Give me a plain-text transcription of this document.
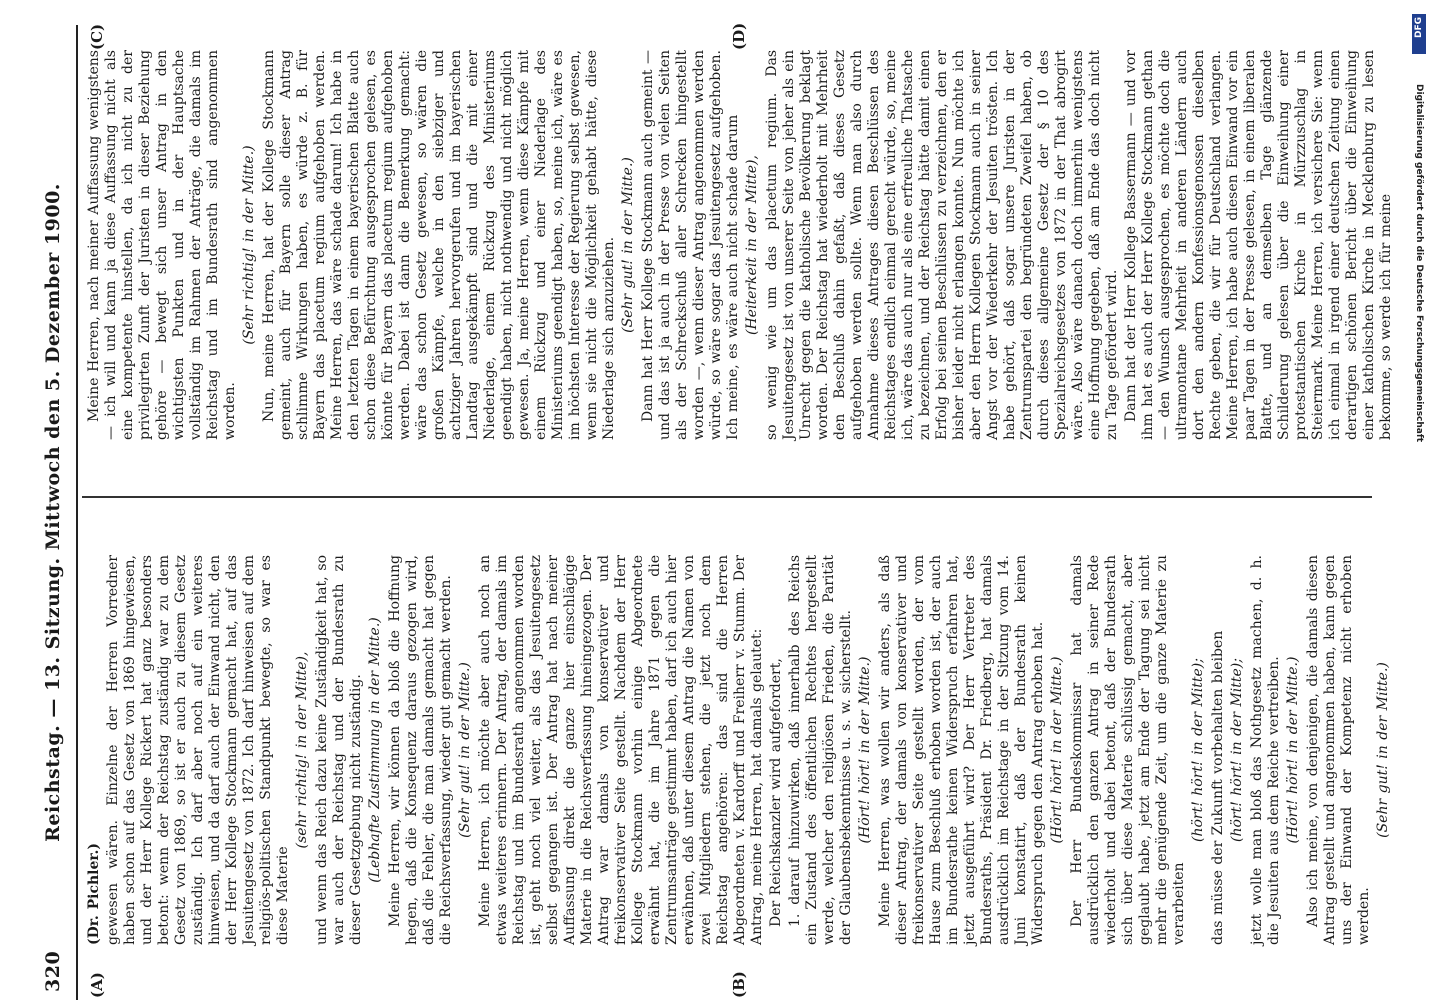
320
Reichstag. — 13. Sitzung. Mittwoch den 5. Dezember 1900.
(A)	(B)
(C)	(D)

(Dr. Pichler.) gewesen wären. Einzelne der Herren Vorredner haben schon auf das Gesetz von 1869 hingewiesen, und der Herr Kollege Rickert hat ganz besonders betont: wenn der Reichstag zuständig war zu dem Gesetz von 1869, so ist er auch zu diesem Gesetz zuständig. Ich darf aber noch auf ein weiteres hinweisen, und da darf auch der Einwand nicht, den der Herr Kollege Stockmann gemacht hat, auf das Jesuitengesetz von 1872. Ich darf hinweisen auf dem religiös-politischen Standpunkt bewegte, so war es diese Materie

(sehr richtig! in der Mitte), und wenn das Reich dazu keine Zuständigkeit hat, so war auch der Reichstag und der Bundesrath zu dieser Gesetzgebung nicht zuständig. (Lebhafte Zustimmung in der Mitte.) Meine Herren, wir können da bloß die Hoffnung hegen, daß die Konsequenz daraus gezogen wird, daß die Fehler, die man damals gemacht hat gegen die Reichsverfassung, wieder gut gemacht werden. (Sehr gut! in der Mitte.) Meine Herren, ich möchte aber auch noch an etwas weiteres erinnern. Der Antrag, der damals im Reichstag und im Bundesrath angenommen worden ist, geht noch viel weiter, als das Jesuitengesetz selbst gegangen ist. Der Antrag hat nach meiner Auffassung direkt die ganze hier einschlägige Materie in die Reichsverfassung hineingezogen. Der Antrag war damals von konservativer und freikonservativer Seite gestellt. Nachdem der Herr Kollege Stockmann vorhin einige Abgeordnete erwähnt hat, die im Jahre 1871 gegen die Zentrumsanträge gestimmt haben, darf ich auch hier erwähnen, daß unter diesem Antrag die Namen von zwei Mitgliedern stehen, die jetzt noch dem Reichstag angehören: das sind die Herren Abgeordneten v. Kardorff und Freiherr v. Stumm. Der Antrag, meine Herren, hat damals gelautet: Der Reichskanzler wird aufgefordert, 1. darauf hinzuwirken, daß innerhalb des Reichs ein Zustand des öffentlichen Rechtes hergestellt werde, welcher den religiösen Frieden, die Parität der Glaubensbekenntnisse u. s. w. sicherstellt. (Hört! hört! in der Mitte.) Meine Herren, was wollen wir anders, als daß dieser Antrag, der damals von konservativer und freikonservativer Seite gestellt worden, der vom Hause zum Beschluß erhoben worden ist, der auch im Bundesrathe keinen Widerspruch erfahren hat, jetzt ausgeführt wird? Der Herr Vertreter des Bundesraths, Präsident Dr. Friedberg, hat damals ausdrücklich im Reichstage in der Sitzung vom 14. Juni konstatirt, daß der Bundesrath keinen Widerspruch gegen den Antrag erhoben hat. (Hört! hört! in der Mitte.) Der Herr Bundeskommissar hat damals ausdrücklich den ganzen Antrag in seiner Rede wiederholt und dabei betont, daß der Bundesrath sich über diese Materie schlüssig gemacht, aber geglaubt habe, jetzt am Ende der Tagung sei nicht mehr die genügende Zeit, um die ganze Materie zu verarbeiten

(hört! hört! in der Mitte); das müsse der Zukunft vorbehalten bleiben (hört! hört! in der Mitte); jetzt wolle man bloß das Nothgesetz machen, d. h. die Jesuiten aus dem Reiche vertreiben. (Hört! hört! in der Mitte.) Also ich meine, von denjenigen, die damals diesen Antrag gestellt und angenommen haben, kann gegen uns der Einwand der Kompetenz nicht erhoben werden.

(Sehr gut! in der Mitte.)

Meine Herren, nach meiner Auffassung wenigstens — ich will und kann ja diese Auffassung nicht als eine kompetente hinstellen, da ich nicht zu der privilegirten Zunft der Juristen in dieser Beziehung gehöre — bewegt sich unser Antrag in den wichtigsten Punkten und in der Hauptsache vollständig im Rahmen der Anträge, die damals im Reichstag und im Bundesrath sind angenommen worden.

(Sehr richtig! in der Mitte.) Nun, meine Herren, hat der Kollege Stockmann gemeint, auch für Bayern solle dieser Antrag schlimme Wirkungen haben, es würde z. B. für Bayern das placetum regium aufgehoben werden. Meine Herren, das wäre schade darum! Ich habe in den letzten Tagen in einem bayerischen Blatte auch schon diese Befürchtung ausgesprochen gelesen, es könnte für Bayern das placetum regium aufgehoben werden. Dabei ist dann die Bemerkung gemacht: wäre das schon Gesetz gewesen, so wären die großen Kämpfe, welche in den siebziger und achtziger Jahren hervorgerufen und im bayerischen Landtag ausgekämpft sind und die mit einer Niederlage, einem Rückzug des Ministeriums geendigt haben, nicht nothwendig und nicht möglich gewesen. Ja, meine Herren, wenn diese Kämpfe mit einem Rückzug und einer Niederlage des Ministeriums geendigt haben, so, meine ich, wäre es im höchsten Interesse der Regierung selbst gewesen, wenn sie nicht die Möglichkeit gehabt hätte, diese Niederlage sich anzuziehen. (Sehr gut! in der Mitte.) Dann hat Herr Kollege Stockmann auch gemeint — und das ist ja auch in der Presse von vielen Seiten als der Schreckschuß aller Schrecken hingestellt worden —, wenn dieser Antrag angenommen werden würde, so wäre sogar das Jesuitengesetz aufgehoben. Ich meine, es wäre auch nicht schade darum (Heiterkeit in der Mitte), so wenig wie um das placetum regium. Das Jesuitengesetz ist von unserer Seite von jeher als ein Unrecht gegen die katholische Bevölkerung beklagt worden. Der Reichstag hat wiederholt mit Mehrheit den Beschluß dahin gefaßt, daß dieses Gesetz aufgehoben werden sollte. Wenn man also durch Annahme dieses Antrages diesen Beschlüssen des Reichstages endlich einmal gerecht würde, so, meine ich, wäre das auch nur als eine erfreuliche Thatsache zu bezeichnen, und der Reichstag hätte damit einen Erfolg bei seinen Beschlüssen zu verzeichnen, den er bisher leider nicht erlangen konnte. Nun möchte ich aber den Herrn Kollegen Stockmann auch in seiner Angst vor der Wiederkehr der Jesuiten trösten. Ich habe gehört, daß sogar unsere Juristen in der Zentrumspartei den begründeten Zweifel haben, ob durch dieses allgemeine Gesetz der § 10 des Spezialreichsgesetzes von 1872 in der That abrogirt wäre. Also wäre danach doch immerhin wenigstens eine Hoffnung gegeben, daß am Ende das doch nicht zu Tage gefördert wird. Dann hat der Herr Kollege Bassermann — und vor ihm hat es auch der Herr Kollege Stockmann gethan — den Wunsch ausgesprochen, es möchte doch die ultramontane Mehrheit in anderen Ländern auch dort den andern Konfessionsgenossen dieselben Rechte geben, die wir für Deutschland verlangen. Meine Herren, ich habe auch diesen Einwand vor ein paar Tagen in der Presse gelesen, in einem liberalen Blatte, und an demselben Tage glänzende Schilderung gelesen über die Einweihung einer protestantischen Kirche in Mürzzuschlag in Steiermark. Meine Herren, ich versichere Sie: wenn ich einmal in irgend einer deutschen Zeitung einen derartigen schönen Bericht über die Einweihung einer katholischen Kirche in Mecklenburg zu lesen bekomme, so werde ich für meine

DFG
Digitalisierung gefördert durch die Deutsche Forschungsgemeinschaft
